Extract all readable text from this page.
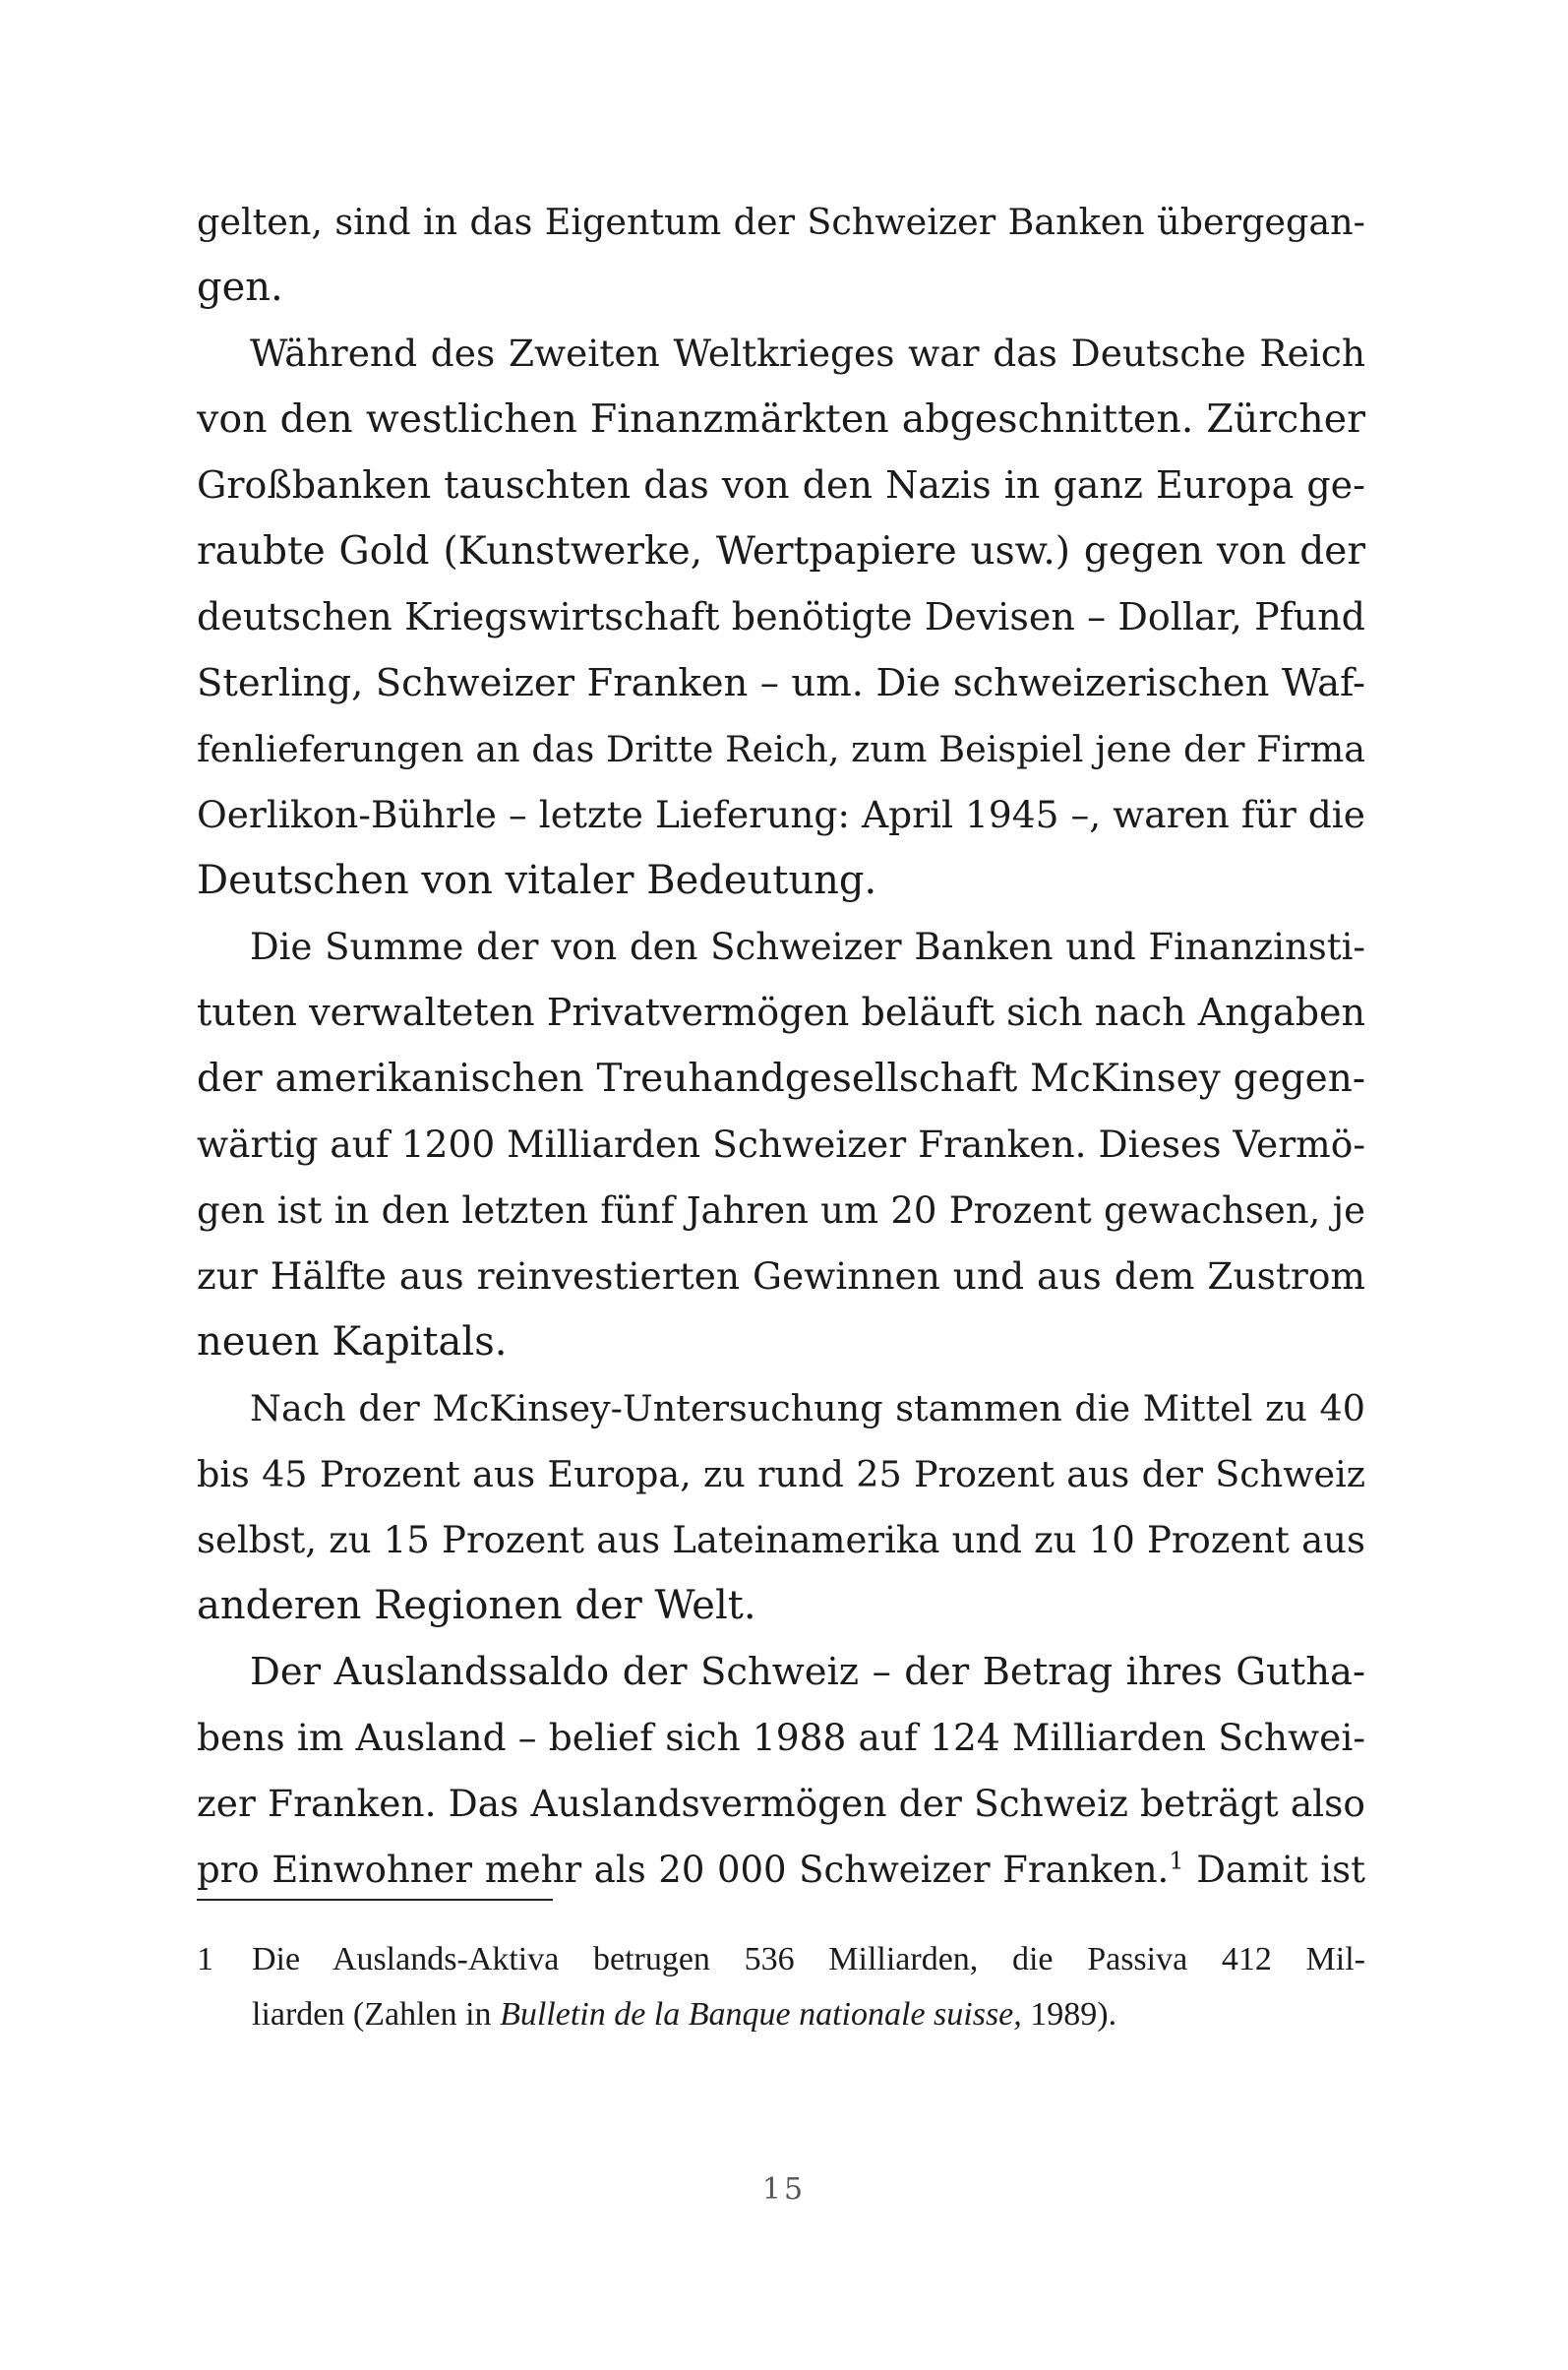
gelten, sind in das Eigentum der Schweizer Banken übergegan-
gen.
Während des Zweiten Weltkrieges war das Deutsche Reich
von den westlichen Finanzmärkten abgeschnitten. Zürcher
Großbanken tauschten das von den Nazis in ganz Europa ge-
raubte Gold (Kunstwerke, Wertpapiere usw.) gegen von der
deutschen Kriegswirtschaft benötigte Devisen – Dollar, Pfund
Sterling, Schweizer Franken – um. Die schweizerischen Waf-
fenlieferungen an das Dritte Reich, zum Beispiel jene der Firma
Oerlikon-Bührle – letzte Lieferung: April 1945 –, waren für die
Deutschen von vitaler Bedeutung.
Die Summe der von den Schweizer Banken und Finanzinsti-
tuten verwalteten Privatvermögen beläuft sich nach Angaben
der amerikanischen Treuhandgesellschaft McKinsey gegen-
wärtig auf 1200 Milliarden Schweizer Franken. Dieses Vermö-
gen ist in den letzten fünf Jahren um 20 Prozent gewachsen, je
zur Hälfte aus reinvestierten Gewinnen und aus dem Zustrom
neuen Kapitals.
Nach der McKinsey-Untersuchung stammen die Mittel zu 40
bis 45 Prozent aus Europa, zu rund 25 Prozent aus der Schweiz
selbst, zu 15 Prozent aus Lateinamerika und zu 10 Prozent aus
anderen Regionen der Welt.
Der Auslandssaldo der Schweiz – der Betrag ihres Gutha-
bens im Ausland – belief sich 1988 auf 124 Milliarden Schwei-
zer Franken. Das Auslandsvermögen der Schweiz beträgt also
pro Einwohner mehr als 20 000 Schweizer Franken.$^1$ Damit ist
1 Die Auslands-Aktiva betrugen 536 Milliarden, die Passiva 412 Mil-
liarden (Zahlen in Bulletin de la Banque nationale suisse, 1989).
15
